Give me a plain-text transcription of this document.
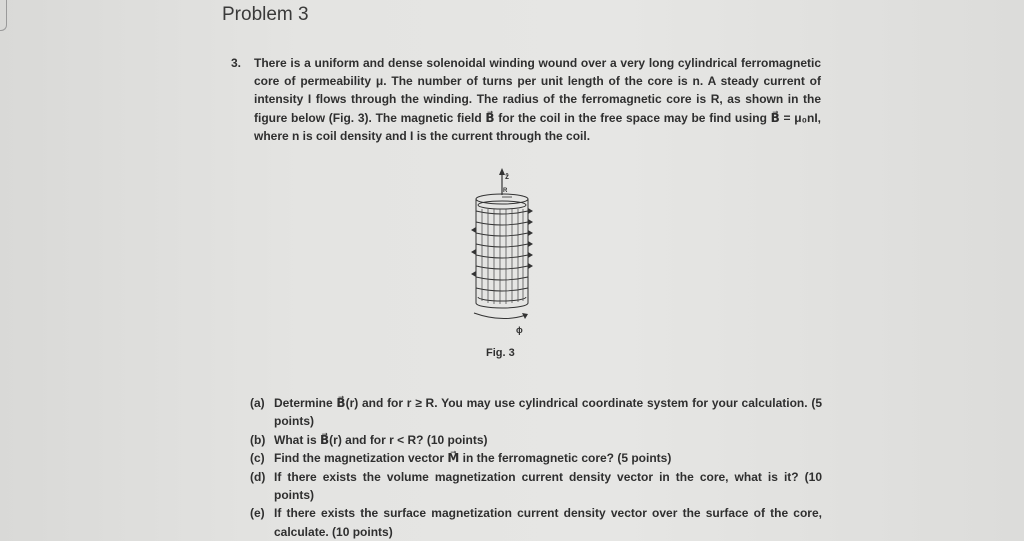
Problem 3
3. There is a uniform and dense solenoidal winding wound over a very long cylindrical ferromagnetic core of permeability μ. The number of turns per unit length of the core is n. A steady current of intensity I flows through the winding. The radius of the ferromagnetic core is R, as shown in the figure below (Fig. 3). The magnetic field B⃗ for the coil in the free space may be find using B⃗ = μ₀nI, where n is coil density and I is the current through the coil.
ẑ
R
ϕ
Fig. 3
(a) Determine B⃗(r) and for r ≥ R. You may use cylindrical coordinate system for your calculation. (5 points)
(b) What is B⃗(r) and for r < R? (10 points)
(c) Find the magnetization vector M⃗ in the ferromagnetic core? (5 points)
(d) If there exists the volume magnetization current density vector in the core, what is it? (10 points)
(e) If there exists the surface magnetization current density vector over the surface of the core, calculate. (10 points)
